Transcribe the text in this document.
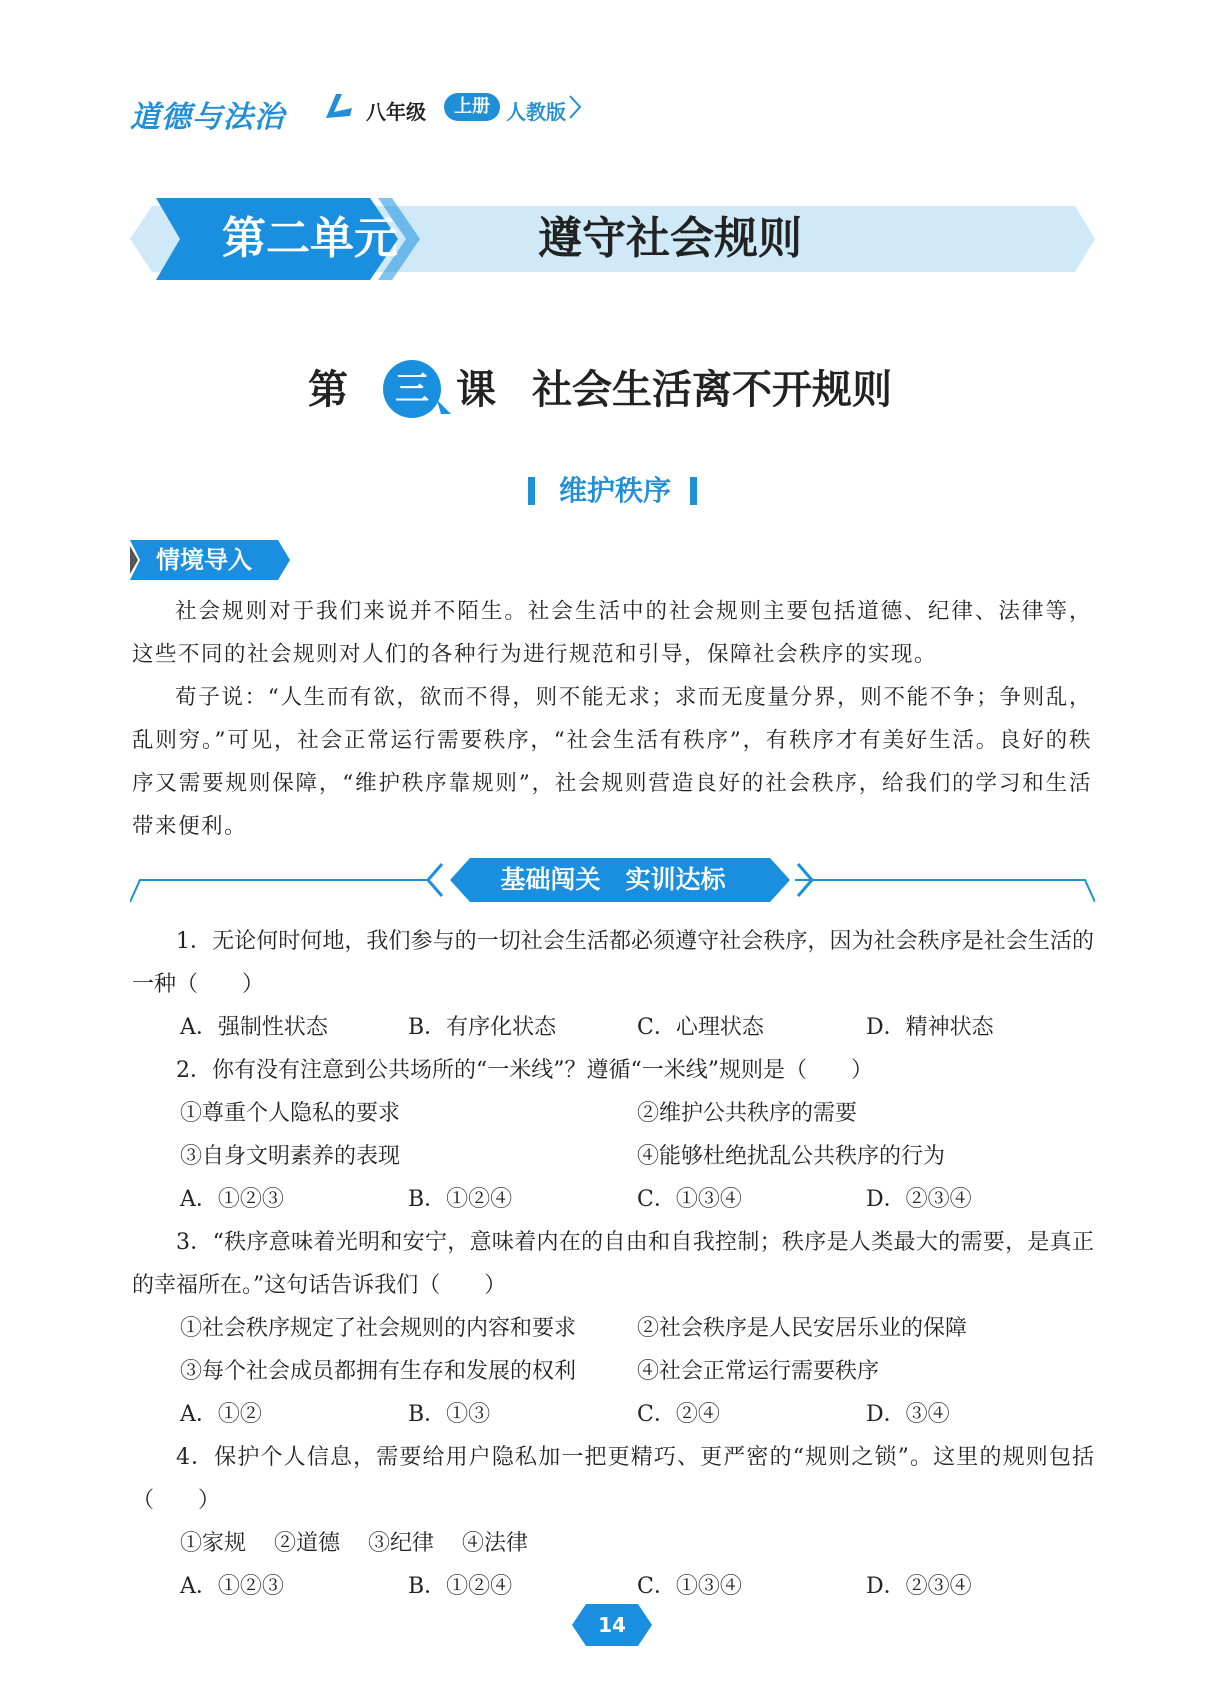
道德与法治	八年级	上册 人教版
第二单元	遵守社会规则
第	三 课 社会生活离不开规则
维护秩序
情境导入

社会规则对于我们来说并不陌生。社会生活中的社会规则主要包括道德、纪律、法律等，这些不同的社会规则对人们的各种行为进行规范和引导，保障社会秩序的实现。

荀子说：“人生而有欲，欲而不得，则不能无求；求而无度量分界，则不能不争；争则乱，乱则穷。”可见，社会正常运行需要秩序，“社会生活有秩序”，有秩序才有美好生活。良好的秩序又需要规则保障，“维护秩序靠规则”，社会规则营造良好的社会秩序，给我们的学习和生活带来便利。

基础闯关　实训达标

1．无论何时何地，我们参与的一切社会生活都必须遵守社会秩序，因为社会秩序是社会生活的一种（　　）

A．强制性状态	B．有序化状态	C．心理状态	D．精神状态

2．你有没有注意到公共场所的“一米线”？遵循“一米线”规则是（　　）

①尊重个人隐私的要求	②维护公共秩序的需要
③自身文明素养的表现	④能够杜绝扰乱公共秩序的行为
A．①②③	B．①②④	C．①③④	D．②③④

3．“秩序意味着光明和安宁，意味着内在的自由和自我控制；秩序是人类最大的需要，是真正的幸福所在。”这句话告诉我们（　　）

①社会秩序规定了社会规则的内容和要求	②社会秩序是人民安居乐业的保障
③每个社会成员都拥有生存和发展的权利	④社会正常运行需要秩序
A．①②	B．①③	C．②④	D．③④

4．保护个人信息，需要给用户隐私加一把更精巧、更严密的“规则之锁”。这里的规则包括（　　）

①家规 ②道德 ③纪律 ④法律
A．①②③	B．①②④	C．①③④	D．②③④
14
